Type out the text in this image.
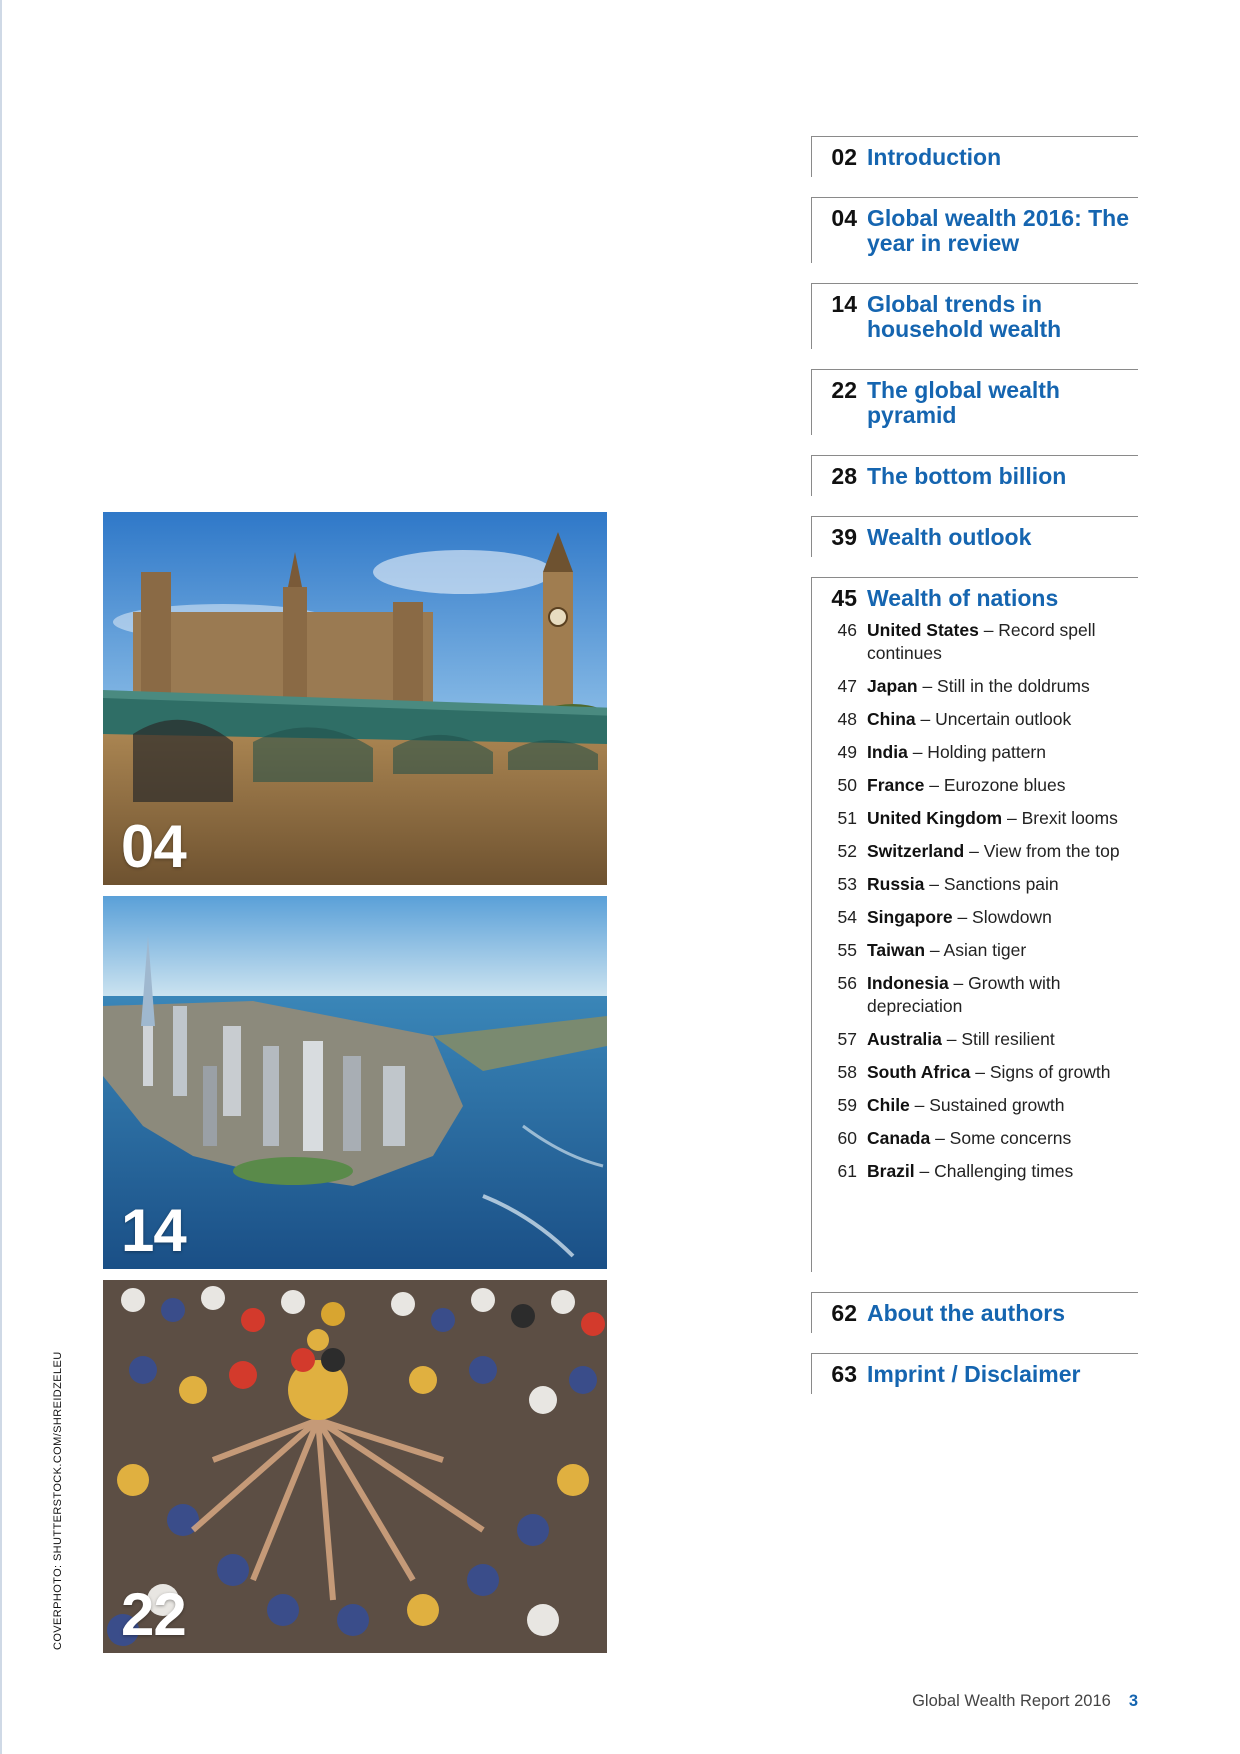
04
14
22
COVERPHOTO: SHUTTERSTOCK.COM/SHREIDZELEU
02 Introduction
04 Global wealth 2016: The year in review
14 Global trends in household wealth
22 The global wealth pyramid
28 The bottom billion
39 Wealth outlook
45 Wealth of nations
46 United States – Record spell continues
47 Japan – Still in the doldrums
48 China – Uncertain outlook
49 India – Holding pattern
50 France – Eurozone blues
51 United Kingdom – Brexit looms
52 Switzerland – View from the top
53 Russia – Sanctions pain
54 Singapore – Slowdown
55 Taiwan – Asian tiger
56 Indonesia – Growth with depreciation
57 Australia – Still resilient
58 South Africa – Signs of growth
59 Chile – Sustained growth
60 Canada – Some concerns
61 Brazil – Challenging times
62 About the authors
63 Imprint / Disclaimer
Global Wealth Report 2016 3
